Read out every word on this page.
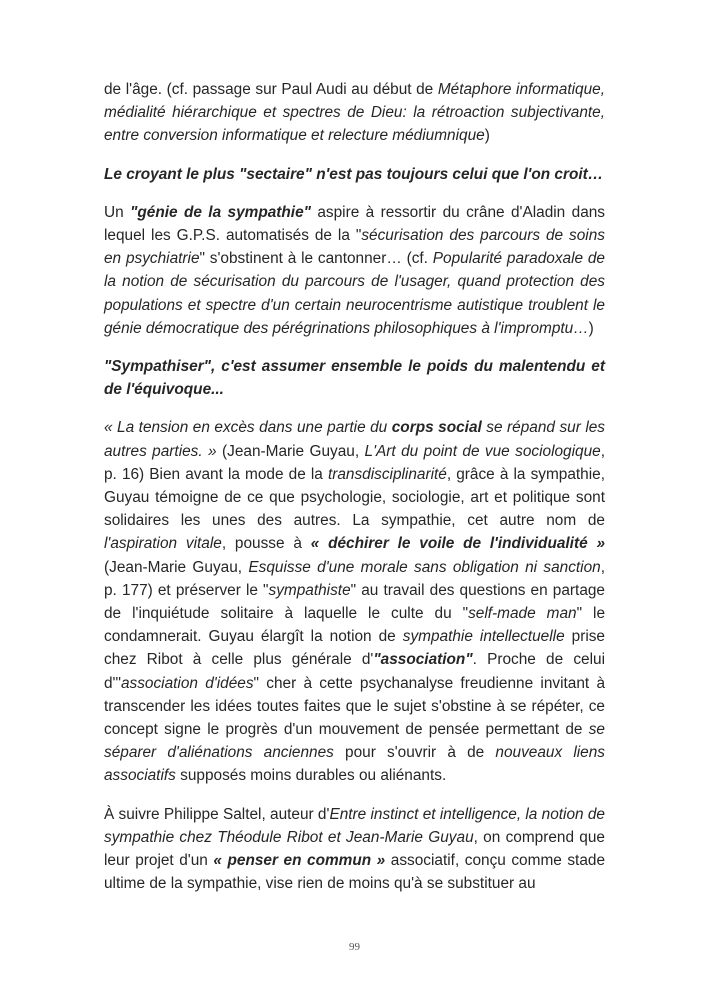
de l'âge. (cf. passage sur Paul Audi au début de Métaphore informatique, médialité hiérarchique et spectres de Dieu: la rétroaction subjectivante, entre conversion informatique et relecture médiumnique)

Le croyant le plus "sectaire" n'est pas toujours celui que l'on croit…

Un "génie de la sympathie" aspire à ressortir du crâne d'Aladin dans lequel les G.P.S. automatisés de la "sécurisation des parcours de soins en psychiatrie" s'obstinent à le cantonner… (cf. Popularité paradoxale de la notion de sécurisation du parcours de l'usager, quand protection des populations et spectre d'un certain neurocentrisme autistique troublent le génie démocratique des pérégrinations philosophiques à l'impromptu…)

"Sympathiser", c'est assumer ensemble le poids du malentendu et de l'équivoque...

« La tension en excès dans une partie du corps social se répand sur les autres parties. » (Jean-Marie Guyau, L'Art du point de vue sociologique, p. 16) Bien avant la mode de la transdisciplinarité, grâce à la sympathie, Guyau témoigne de ce que psychologie, sociologie, art et politique sont solidaires les unes des autres. La sympathie, cet autre nom de l'aspiration vitale, pousse à « déchirer le voile de l'individualité » (Jean-Marie Guyau, Esquisse d'une morale sans obligation ni sanction, p. 177) et préserver le "sympathiste" au travail des questions en partage de l'inquiétude solitaire à laquelle le culte du "self-made man" le condamnerait. Guyau élargît la notion de sympathie intellectuelle prise chez Ribot à celle plus générale d'"association". Proche de celui d'"association d'idées" cher à cette psychanalyse freudienne invitant à transcender les idées toutes faites que le sujet s'obstine à se répéter, ce concept signe le progrès d'un mouvement de pensée permettant de se séparer d'aliénations anciennes pour s'ouvrir à de nouveaux liens associatifs supposés moins durables ou aliénants.

À suivre Philippe Saltel, auteur d'Entre instinct et intelligence, la notion de sympathie chez Théodule Ribot et Jean-Marie Guyau, on comprend que leur projet d'un « penser en commun » associatif, conçu comme stade ultime de la sympathie, vise rien de moins qu'à se substituer au

99
